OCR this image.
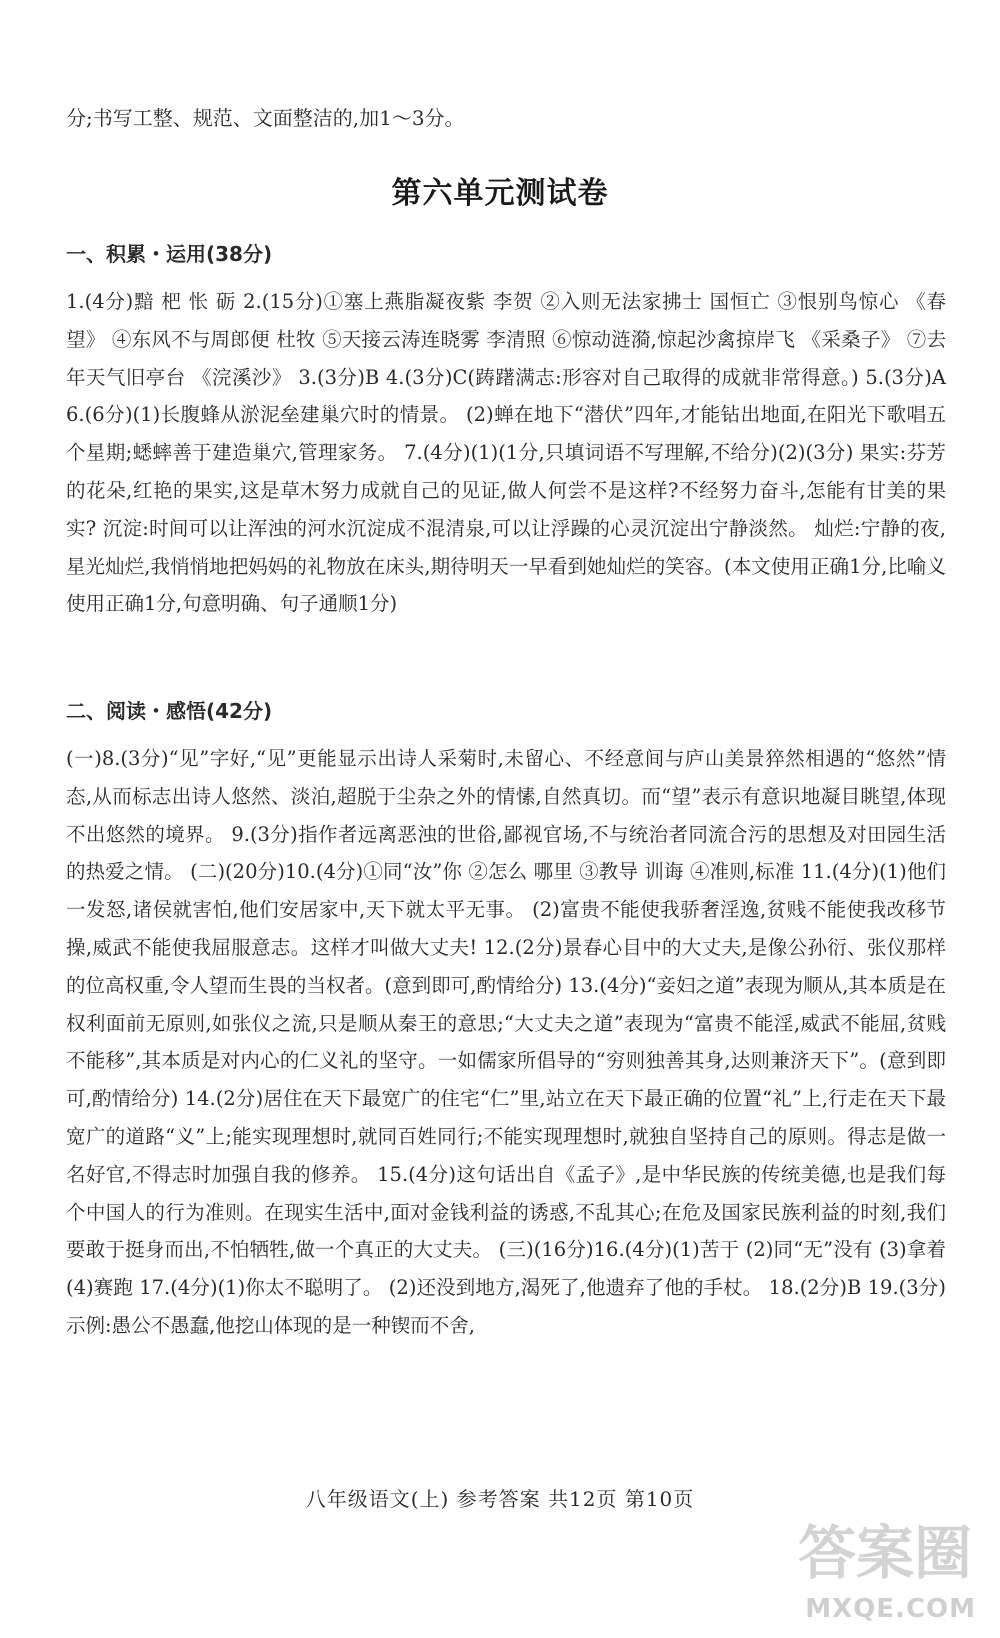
分;书写工整、规范、文面整洁的,加1～3分。
第六单元测试卷
一、积累・运用(38分)
1.(4分)黯 杷 怅 砺 2.(15分)①塞上燕脂凝夜紫 李贺 ②入则无法家拂士 国恒亡 ③恨别鸟惊心 《春望》 ④东风不与周郎便 杜牧 ⑤天接云涛连晓雾 李清照 ⑥惊动涟漪,惊起沙禽掠岸飞 《采桑子》 ⑦去年天气旧亭台 《浣溪沙》 3.(3分)B 4.(3分)C(踌躇满志:形容对自己取得的成就非常得意。) 5.(3分)A 6.(6分)(1)长腹蜂从淤泥垒建巢穴时的情景。 (2)蝉在地下“潜伏”四年,才能钻出地面,在阳光下歌唱五个星期;蟋蟀善于建造巢穴,管理家务。 7.(4分)(1)(1分,只填词语不写理解,不给分)(2)(3分) 果实:芬芳的花朵,红艳的果实,这是草木努力成就自己的见证,做人何尝不是这样?不经努力奋斗,怎能有甘美的果实? 沉淀:时间可以让浑浊的河水沉淀成不混清泉,可以让浮躁的心灵沉淀出宁静淡然。 灿烂:宁静的夜,星光灿烂,我悄悄地把妈妈的礼物放在床头,期待明天一早看到她灿烂的笑容。(本文使用正确1分,比喻义使用正确1分,句意明确、句子通顺1分)
二、阅读・感悟(42分)
(一)8.(3分)“见”字好,“见”更能显示出诗人采菊时,未留心、不经意间与庐山美景猝然相遇的“悠然”情态,从而标志出诗人悠然、淡泊,超脱于尘杂之外的情愫,自然真切。而“望”表示有意识地凝目眺望,体现不出悠然的境界。 9.(3分)指作者远离恶浊的世俗,鄙视官场,不与统治者同流合污的思想及对田园生活的热爱之情。 (二)(20分)10.(4分)①同“汝”你 ②怎么 哪里 ③教导 训诲 ④准则,标准 11.(4分)(1)他们一发怒,诸侯就害怕,他们安居家中,天下就太平无事。 (2)富贵不能使我骄奢淫逸,贫贱不能使我改移节操,威武不能使我屈服意志。这样才叫做大丈夫! 12.(2分)景春心目中的大丈夫,是像公孙衍、张仪那样的位高权重,令人望而生畏的当权者。(意到即可,酌情给分) 13.(4分)“妾妇之道”表现为顺从,其本质是在权利面前无原则,如张仪之流,只是顺从秦王的意思;“大丈夫之道”表现为“富贵不能淫,威武不能屈,贫贱不能移”,其本质是对内心的仁义礼的坚守。一如儒家所倡导的“穷则独善其身,达则兼济天下”。(意到即可,酌情给分) 14.(2分)居住在天下最宽广的住宅“仁”里,站立在天下最正确的位置“礼”上,行走在天下最宽广的道路“义”上;能实现理想时,就同百姓同行;不能实现理想时,就独自坚持自己的原则。得志是做一名好官,不得志时加强自我的修养。 15.(4分)这句话出自《孟子》,是中华民族的传统美德,也是我们每个中国人的行为准则。在现实生活中,面对金钱利益的诱惑,不乱其心;在危及国家民族利益的时刻,我们要敢于挺身而出,不怕牺牲,做一个真正的大丈夫。 (三)(16分)16.(4分)(1)苦于 (2)同“无”没有 (3)拿着 (4)赛跑 17.(4分)(1)你太不聪明了。 (2)还没到地方,渴死了,他遗弃了他的手杖。 18.(2分)B 19.(3分)示例:愚公不愚蠢,他挖山体现的是一种锲而不舍,
八年级语文(上) 参考答案 共12页 第10页
答案圈
MXQE.COM
